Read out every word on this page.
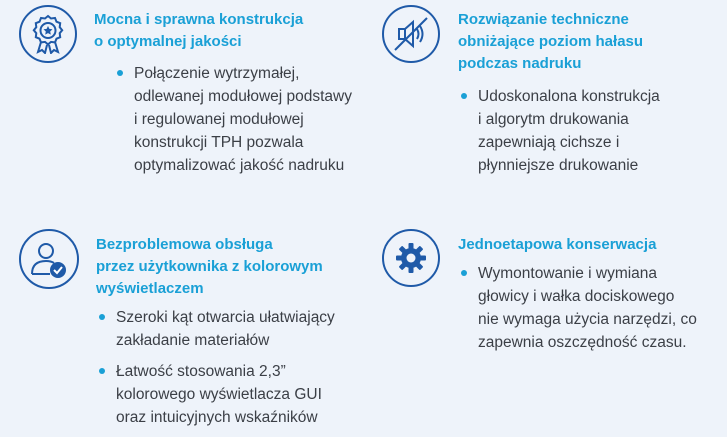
Mocna i sprawna konstrukcja
o optymalnej jakości
Połączenie wytrzymałej,
odlewanej modułowej podstawy
i regulowanej modułowej
konstrukcji TPH pozwala
optymalizować jakość nadruku
Rozwiązanie techniczne
obniżające poziom hałasu
podczas nadruku
Udoskonalona konstrukcja
i algorytm drukowania
zapewniają cichsze i
płynniejsze drukowanie
Bezproblemowa obsługa
przez użytkownika z kolorowym
wyświetlaczem
Szeroki kąt otwarcia ułatwiający
zakładanie materiałów
Łatwość stosowania 2,3”
kolorowego wyświetlacza GUI
oraz intuicyjnych wskaźników
Jednoetapowa konserwacja
Wymontowanie i wymiana
głowicy i wałka dociskowego
nie wymaga użycia narzędzi, co
zapewnia oszczędność czasu.
